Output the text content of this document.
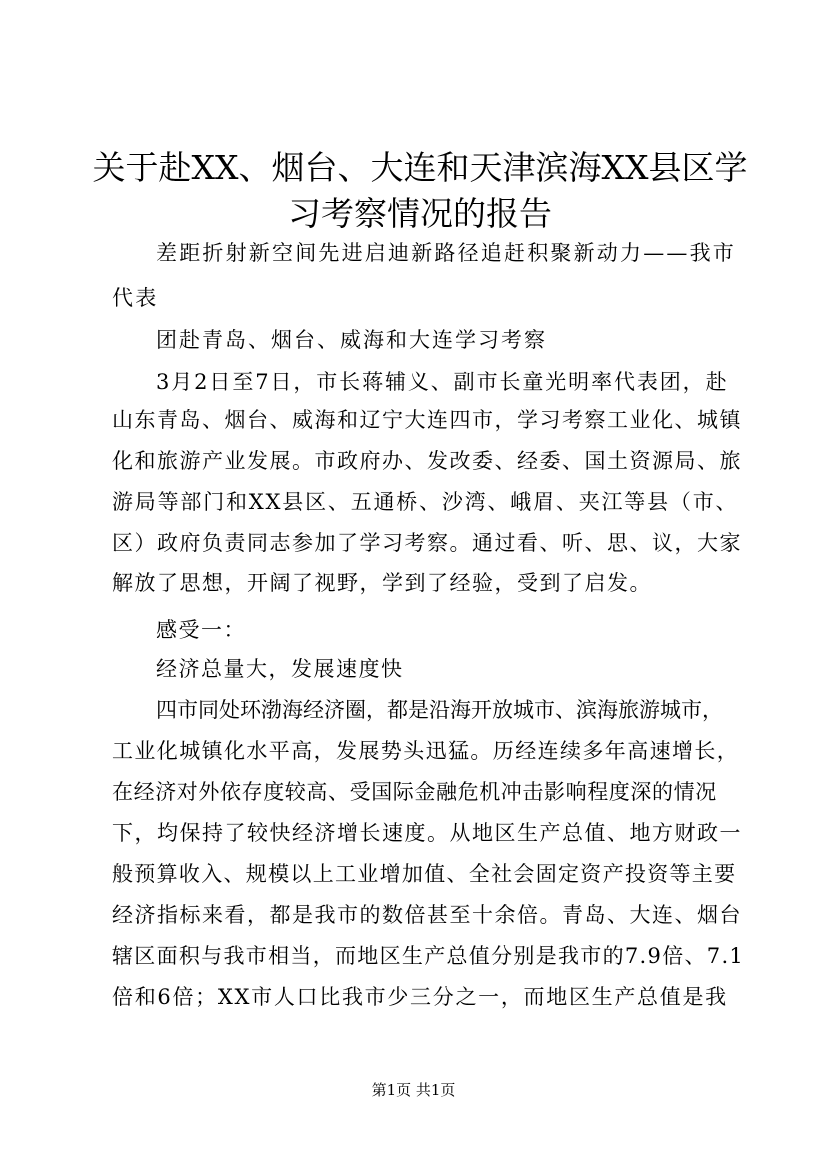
关于赴XX、烟台、大连和天津滨海XX县区学
习考察情况的报告
差距折射新空间先进启迪新路径追赶积聚新动力——我市
代表
团赴青岛、烟台、威海和大连学习考察
3月2日至7日，市长蒋辅义、副市长童光明率代表团，赴
山东青岛、烟台、威海和辽宁大连四市，学习考察工业化、城镇
化和旅游产业发展。市政府办、发改委、经委、国土资源局、旅
游局等部门和XX县区、五通桥、沙湾、峨眉、夹江等县（市、
区）政府负责同志参加了学习考察。通过看、听、思、议，大家
解放了思想，开阔了视野，学到了经验，受到了启发。
感受一：
经济总量大，发展速度快
四市同处环渤海经济圈，都是沿海开放城市、滨海旅游城市，
工业化城镇化水平高，发展势头迅猛。历经连续多年高速增长，
在经济对外依存度较高、受国际金融危机冲击影响程度深的情况
下，均保持了较快经济增长速度。从地区生产总值、地方财政一
般预算收入、规模以上工业增加值、全社会固定资产投资等主要
经济指标来看，都是我市的数倍甚至十余倍。青岛、大连、烟台
辖区面积与我市相当，而地区生产总值分别是我市的7.9倍、7.1
倍和6倍；XX市人口比我市少三分之一，而地区生产总值是我
第1页 共1页
